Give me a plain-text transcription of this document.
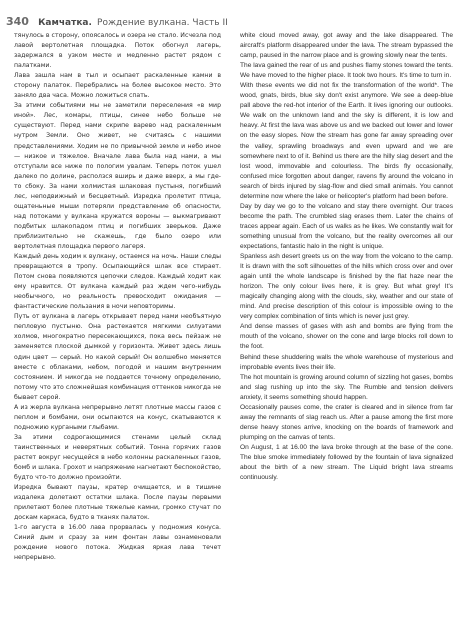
340 Камчатка. Рождение вулкана. Часть II

тянулось в сторону, опоясалось и озера не стало. Исчезла под лавой вертолетная площадка. Поток обогнул лагерь, задержался в узком месте и медленно растет рядом с палатками.

Лава зашла нам в тыл и осыпает раскаленные камни в сторону палаток. Перебрались на более высокое место. Это заняло два часа. Можно ложиться спать.

За этими событиями мы не заметили переселения «в мир иной». Лес, комары, птицы, синее небо больше не существуют. Перед нами скрипе варево над раскаленным нутром Земли. Оно живет, не считаясь с нашими представлениями. Ходим не по привычной земле и небо иное — низкое и тяжелое. Вначале лава была над нами, а мы отступали все ниже по пологим увалам. Теперь поток ушел далеко по долине, расползся вширь и даже вверх, а мы где-то сбоку. За нами холмистая шлаковая пустыня, погибший лес, неподвижный и бесцветный. Изредка пролетит птица, ощатеньные мыши потеряли представление об опасности, над потоками у вулкана кружатся вороны — выкмагривают подбитых шлакопадом птиц и погибших зверьков. Даже приблизительно не скажешь, где было озеро или вертолетная площадка первого лагеря.

Каждый день ходим к вулкану, остаемся на ночь. Наши следы превращаются в тропу. Осыпающийся шлак все стирает. Потом снова появляются цепочки следов. Каждый ходит как ему нравится. От вулкана каждый раз ждем чего-нибудь необычного, но реальность превосходит ожидания — фантастические пользания в ночи неповторимы.

Путь от вулкана в лагерь открывает перед нами необъятную пепловую пустыню. Она растекается мягкими силуэтами холмов, многократно пересекающихся, пока весь пейзаж не заменяется плоской дымкой у горизонта. Живет здесь лишь один цвет — серый. Но какой серый! Он волшебно меняется вместе с облаками, небом, погодой и нашим внутренним состоянием. И никогда не поддается точному определению, потому что это сложнейшая комбинация оттенков никогда не бывает серой.

А из жерла вулкана непрерывно летят плотные массы газов с пеплом и бомбами, они осыпаются на конус, скатываются к подножию кургаными глыбами.

За этими содрогающимися стенами целый склад таинственных и неверятных событий. Тонна горячих газов растет вокруг несущейся в небо колонны раскаленных газов, бомб и шлака. Грохот и напряжение нагнетают беспокойство, будто что-то должно произойти.

Изредка бывают паузы, кратер очищается, и в тишине издалека долетают остатки шлака. После паузы первыми прилетают более плотные тяжелые камни, громко стучат по доскам каркаса, будто в тканях палаток.

1-го августа в 16.00 лава прорвалась у подножия конуса. Синий дым и сразу за ним фонтан лавы ознаменовали рождение нового потока. Жидкая яркая лава течет непрерывно.

white cloud moved away, got away and the lake disappeared. The aircraft's platform disappeared under the lava. The stream bypassed the camp, paused in the narrow place and is growing slowly near the tents.

The lava gained the rear of us and pushes flamy stones toward the tents. We have moved to the higher place. It took two hours. It's time to turn in.

With these events we did not fix the transformation of the world*. The wood, gnats, birds, blue sky don't exist anymore. We see a deep-blue pall above the red-hot interior of the Earth. It lives ignoring our outlooks. We walk on the unknown land and the sky is different, it is low and heavy. At first the lava was above us and we backed out lower and lower on the easy slopes. Now the stream has gone far away spreading over the valley, sprawling broadways and even upward and we are somewhere next to of it. Behind us there are the hilly slag desert and the lost wood, immovable and colourless. The birds fly occasionally, confused mice forgotten about danger, ravens fly around the volcano in search of birds injured by slag-flow and died small animals. You cannot determine now where the lake or helicopter's platform had been before.

Day by day we go to the volcano and stay there overnight. Our traces become the path. The crumbled slag erases them. Later the chains of traces appear again. Each of us walks as he likes. We constantly wait for something unusual from the volcano, but the reality overcomes all our expectations, fantastic halo in the night is unique.

Spanless ash desert greets us on the way from the volcano to the camp. It is drawn with the soft silhouettes of the hills which cross over and over again until the whole landscape is finished by the flat haze near the horizon. The only colour lives here, it is grey. But what grey! It's magically changing along with the clouds, sky, weather and our state of mind. And precise description of this colour is impossible owing to the very complex combination of tints which is never just grey.

And dense masses of gases with ash and bombs are flying from the mouth of the volcano, shower on the cone and large blocks roll down to the foot.

Behind these shuddering walls the whole warehouse of mysterious and improbable events lives their life.

The hot mountain is growing around column of sizzling hot gases, bombs and slag rushing up into the sky. The Rumble and tension delivers anxiety, it seems something should happen.

Occasionally pauses come, the crater is cleared and in silence from far away the remnants of slag reach us. After a pause among the first more dense heavy stones arrive, knocking on the boards of framework and plumping on the canvas of tents.

On August, 1 at 16.00 the lava broke through at the base of the cone. The blue smoke immediately followed by the fountain of lava signalized about the birth of a new stream. The Liquid bright lava streams continuously.
